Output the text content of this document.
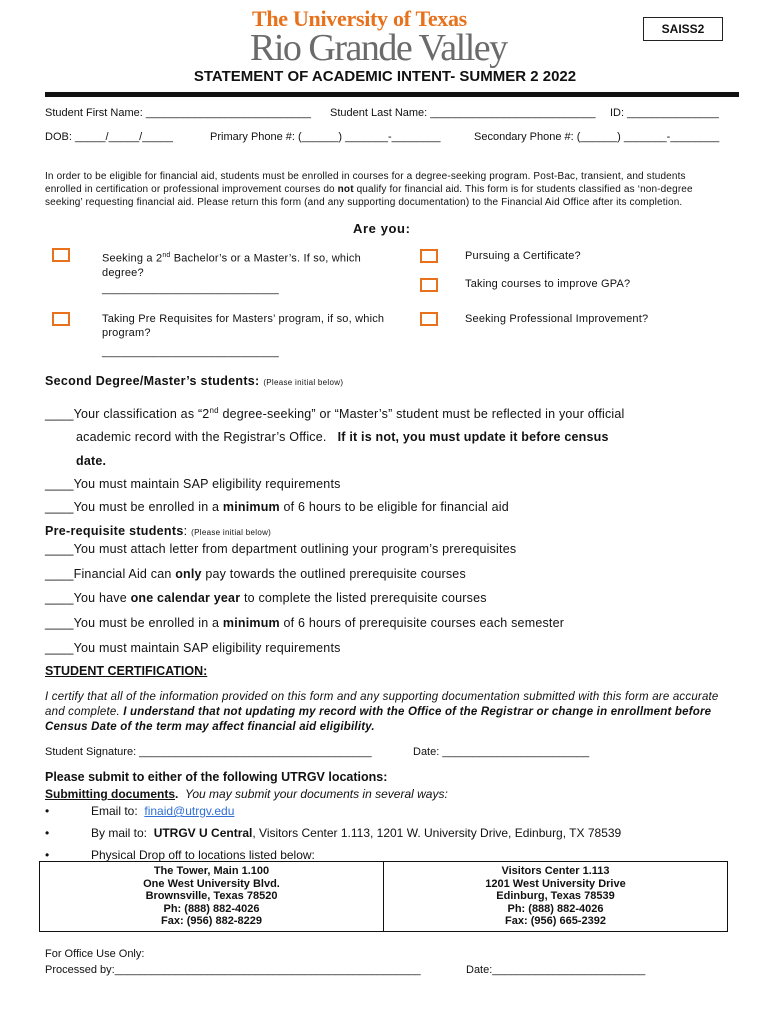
The University of Texas
Rio Grande Valley	SAISS2
STATEMENT OF ACADEMIC INTENT- SUMMER 2 2022
Student First Name: ___________________________ Student Last Name: ___________________________ ID: _______________
DOB: _____/_____/_____	Primary Phone #: (______) _______-________	Secondary Phone #: (______) _______-________
In order to be eligible for financial aid, students must be enrolled in courses for a degree-seeking program. Post-Bac, transient, and students enrolled in certification or professional improvement courses do not qualify for financial aid. This form is for students classified as ‘non-degree seeking’ requesting financial aid. Please return this form (and any supporting documentation) to the Financial Aid Office after its completion.
Are you:
Seeking a 2nd Bachelor’s or a Master’s. If so, which degree?
____________________________
Taking Pre Requisites for Masters’ program, if so, which program?
____________________________
Pursuing a Certificate?
Taking courses to improve GPA?
Seeking Professional Improvement?
Second Degree/Master’s students: (Please initial below)
____Your classification as “2nd degree-seeking” or “Master’s” student must be reflected in your official
academic record with the Registrar’s Office. If it is not, you must update it before census
date.
____You must maintain SAP eligibility requirements
____You must be enrolled in a minimum of 6 hours to be eligible for financial aid
Pre-requisite students: (Please initial below)
____You must attach letter from department outlining your program’s prerequisites
____Financial Aid can only pay towards the outlined prerequisite courses
____You have one calendar year to complete the listed prerequisite courses
____You must be enrolled in a minimum of 6 hours of prerequisite courses each semester
____You must maintain SAP eligibility requirements
STUDENT CERTIFICATION:
I certify that all of the information provided on this form and any supporting documentation submitted with this form are accurate and complete. I understand that not updating my record with the Office of the Registrar or change in enrollment before Census Date of the term may affect financial aid eligibility.
Student Signature: ______________________________________	Date: ________________________
Please submit to either of the following UTRGV locations:
Submitting documents. You may submit your documents in several ways:
•	Email to: finaid@utrgv.edu
•	By mail to: UTRGV U Central, Visitors Center 1.113, 1201 W. University Drive, Edinburg, TX 78539
•	Physical Drop off to locations listed below:
The Tower, Main 1.100
One West University Blvd.
Brownsville, Texas 78520
Ph: (888) 882-4026
Fax: (956) 882-8229
Visitors Center 1.113
1201 West University Drive
Edinburg, Texas 78539
Ph: (888) 882-4026
Fax: (956) 665-2392
For Office Use Only:
Processed by:__________________________________________________	Date:_________________________
